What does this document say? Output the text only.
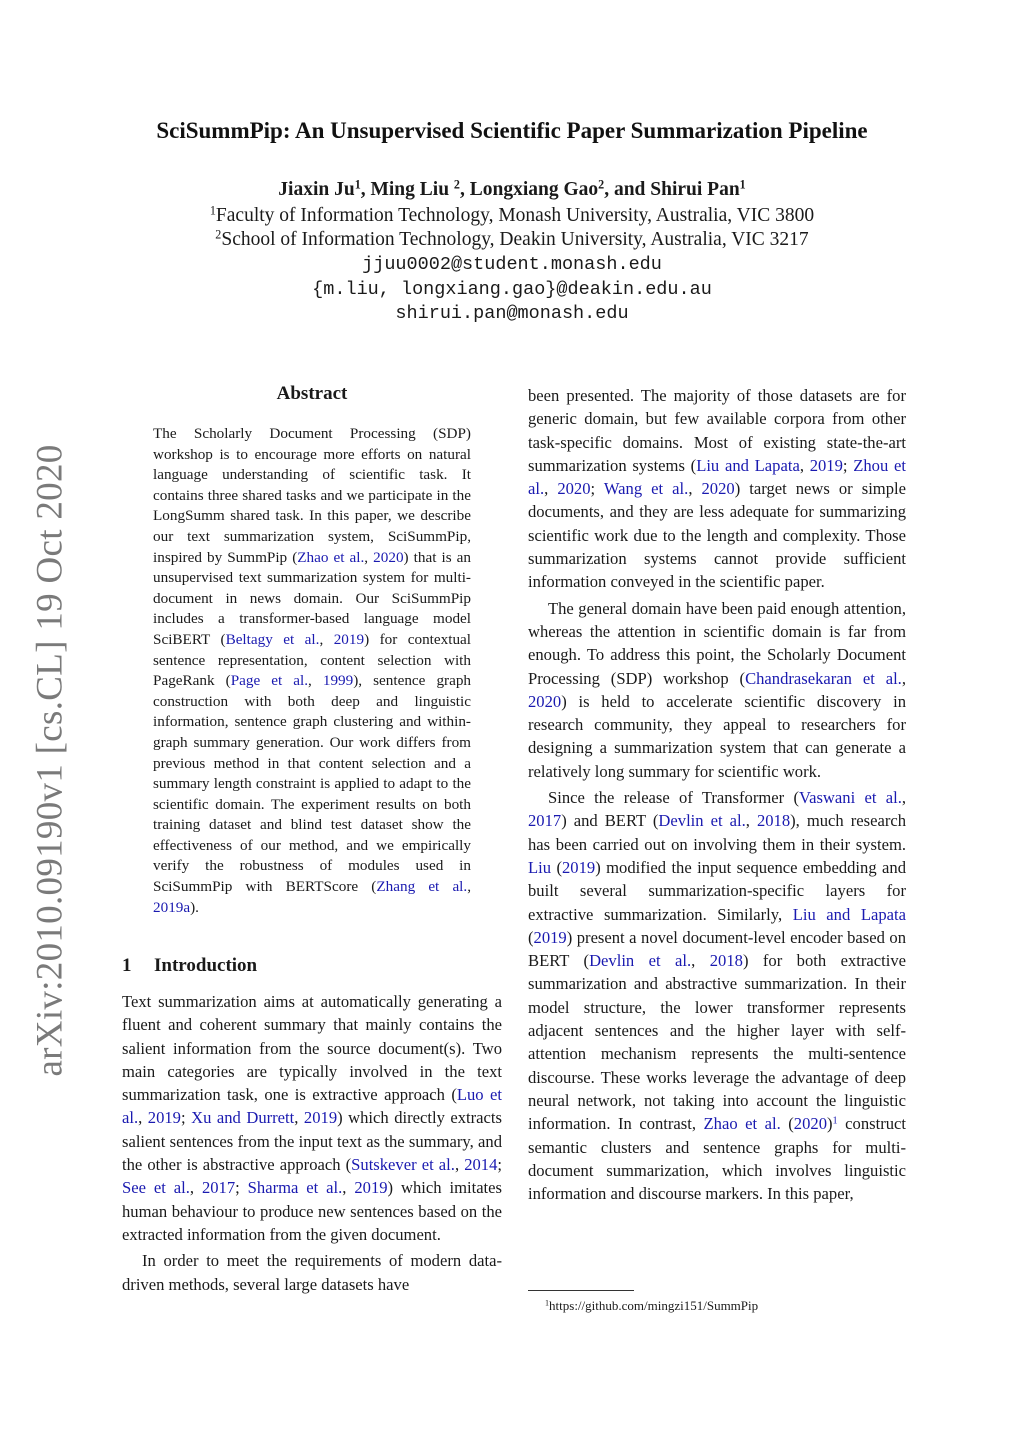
arXiv:2010.09190v1 [cs.CL] 19 Oct 2020
SciSummPip: An Unsupervised Scientific Paper Summarization Pipeline
Jiaxin Ju$^1$, Ming Liu $^2$, Longxiang Gao$^2$, and Shirui Pan$^1$
$^1$Faculty of Information Technology, Monash University, Australia, VIC 3800
$^2$School of Information Technology, Deakin University, Australia, VIC 3217
jjuu0002@student.monash.edu
{m.liu, longxiang.gao}@deakin.edu.au
shirui.pan@monash.edu
Abstract
The Scholarly Document Processing (SDP) workshop is to encourage more efforts on natural language understanding of scientific task. It contains three shared tasks and we participate in the LongSumm shared task. In this paper, we describe our text summarization system, SciSummPip, inspired by SummPip (Zhao et al., 2020) that is an unsupervised text summarization system for multi-document in news domain. Our SciSummPip includes a transformer-based language model SciBERT (Beltagy et al., 2019) for contextual sentence representation, content selection with PageRank (Page et al., 1999), sentence graph construction with both deep and linguistic information, sentence graph clustering and within-graph summary generation. Our work differs from previous method in that content selection and a summary length constraint is applied to adapt to the scientific domain. The experiment results on both training dataset and blind test dataset show the effectiveness of our method, and we empirically verify the robustness of modules used in SciSummPip with BERTScore (Zhang et al., 2019a).
1 Introduction

Text summarization aims at automatically generating a fluent and coherent summary that mainly contains the salient information from the source document(s). Two main categories are typically involved in the text summarization task, one is extractive approach (Luo et al., 2019; Xu and Durrett, 2019) which directly extracts salient sentences from the input text as the summary, and the other is abstractive approach (Sutskever et al., 2014; See et al., 2017; Sharma et al., 2019) which imitates human behaviour to produce new sentences based on the extracted information from the given document.

In order to meet the requirements of modern data-driven methods, several large datasets have

been presented. The majority of those datasets are for generic domain, but few available corpora from other task-specific domains. Most of existing state-the-art summarization systems (Liu and Lapata, 2019; Zhou et al., 2020; Wang et al., 2020) target news or simple documents, and they are less adequate for summarizing scientific work due to the length and complexity. Those summarization systems cannot provide sufficient information conveyed in the scientific paper.

The general domain have been paid enough attention, whereas the attention in scientific domain is far from enough. To address this point, the Scholarly Document Processing (SDP) workshop (Chandrasekaran et al., 2020) is held to accelerate scientific discovery in research community, they appeal to researchers for designing a summarization system that can generate a relatively long summary for scientific work.

Since the release of Transformer (Vaswani et al., 2017) and BERT (Devlin et al., 2018), much research has been carried out on involving them in their system. Liu (2019) modified the input sequence embedding and built several summarization-specific layers for extractive summarization. Similarly, Liu and Lapata (2019) present a novel document-level encoder based on BERT (Devlin et al., 2018) for both extractive summarization and abstractive summarization. In their model structure, the lower transformer represents adjacent sentences and the higher layer with self-attention mechanism represents the multi-sentence discourse. These works leverage the advantage of deep neural network, not taking into account the linguistic information. In contrast, Zhao et al. (2020)$^1$ construct semantic clusters and sentence graphs for multi-document summarization, which involves linguistic information and discourse markers. In this paper,

$^1$https://github.com/mingzi151/SummPip
